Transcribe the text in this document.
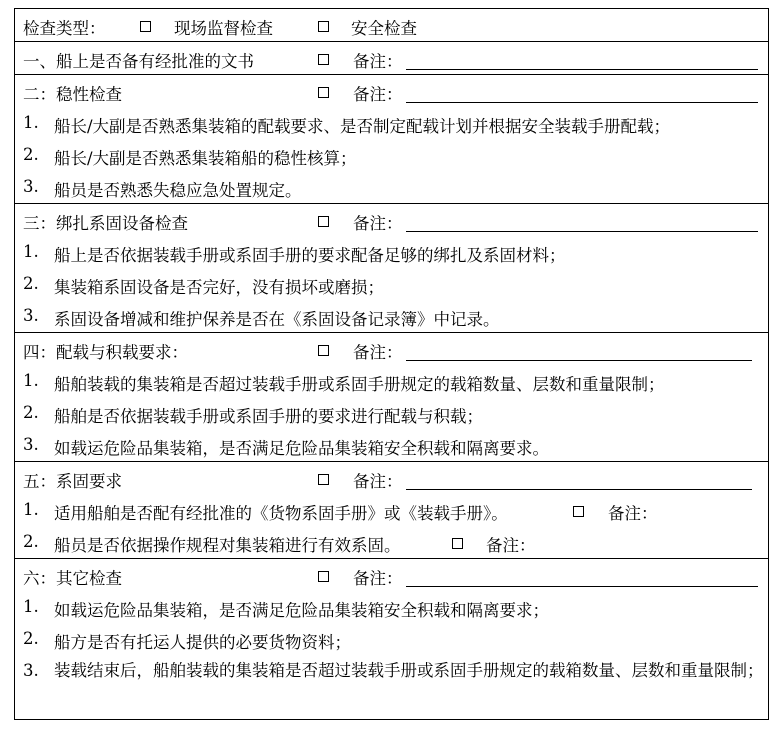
检查类型：	现场监督检查	安全检查
一、船上是否备有经批准的文书	备注：
二：稳性检查	备注：
1. 船长/大副是否熟悉集装箱的配载要求、是否制定配载计划并根据安全装载手册配载；
2. 船长/大副是否熟悉集装箱船的稳性核算；
3. 船员是否熟悉失稳应急处置规定。
三：绑扎系固设备检查	备注：
1. 船上是否依据装载手册或系固手册的要求配备足够的绑扎及系固材料；
2. 集装箱系固设备是否完好，没有损坏或磨损；
3. 系固设备增减和维护保养是否在《系固设备记录簿》中记录。
四：配载与积载要求：	备注：
1. 船舶装载的集装箱是否超过装载手册或系固手册规定的载箱数量、层数和重量限制；
2. 船舶是否依据装载手册或系固手册的要求进行配载与积载；
3. 如载运危险品集装箱，是否满足危险品集装箱安全积载和隔离要求。
五：系固要求	备注：
1. 适用船舶是否配有经批准的《货物系固手册》或《装载手册》。	备注：
2. 船员是否依据操作规程对集装箱进行有效系固。	备注：
六：其它检查	备注：
1. 如载运危险品集装箱，是否满足危险品集装箱安全积载和隔离要求；
2. 船方是否有托运人提供的必要货物资料；
3. 装载结束后，船舶装载的集装箱是否超过装载手册或系固手册规定的载箱数量、层数和重量限制；
